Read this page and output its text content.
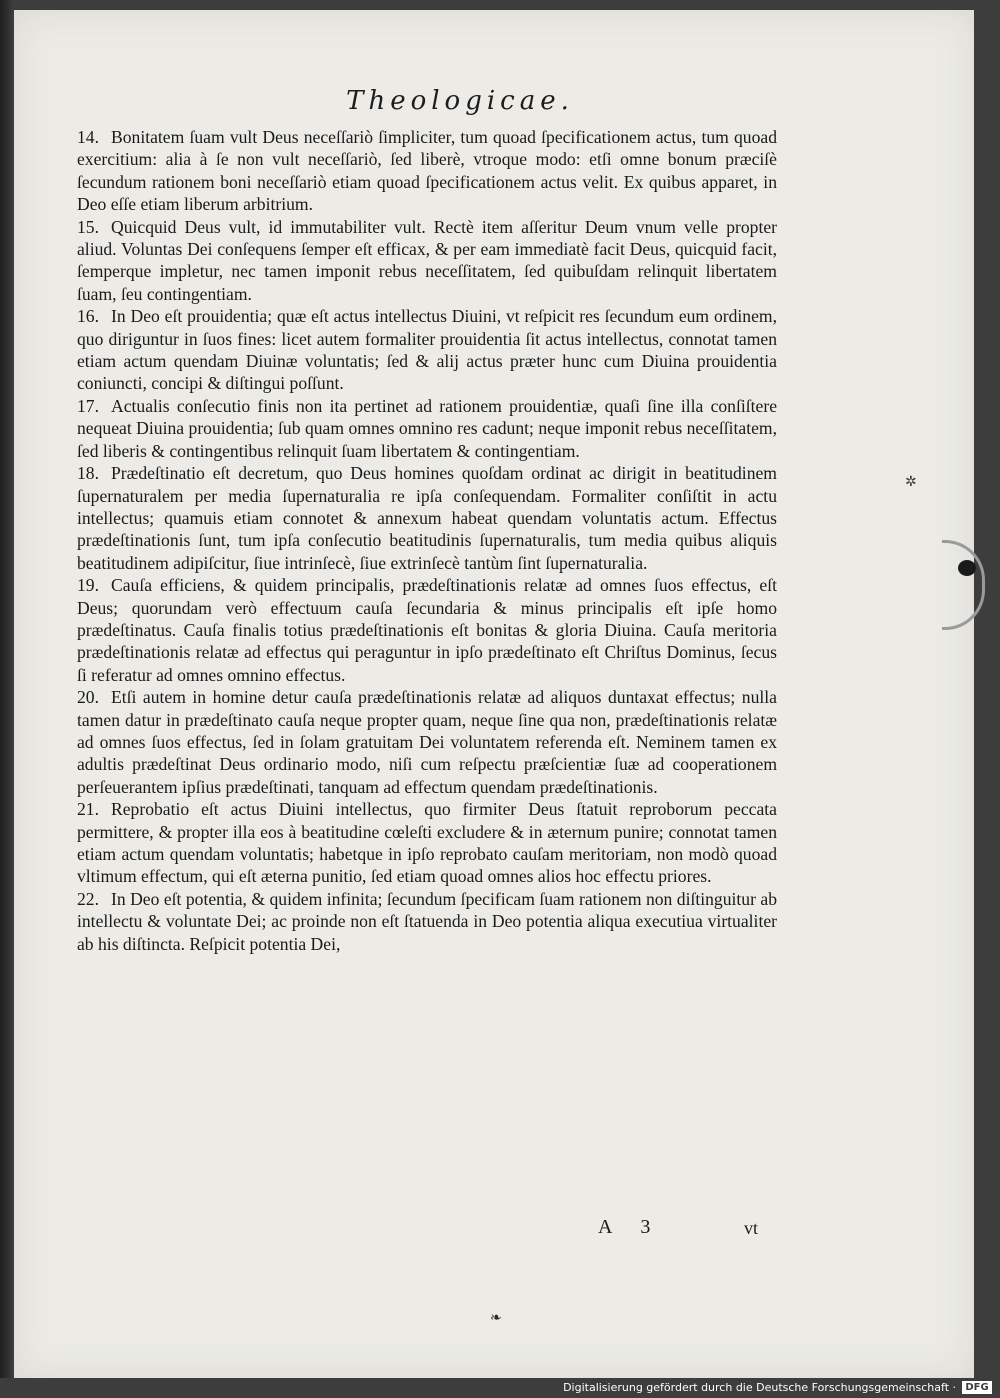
Theologicae.

14. Bonitatem ſuam vult Deus neceſſariò ſimpliciter, tum quoad ſpecificationem actus, tum quoad exercitium: alia à ſe non vult neceſſariò, ſed liberè, vtroque modo: etſi omne bonum præciſè ſecundum rationem boni neceſſariò etiam quoad ſpecificationem actus velit. Ex quibus apparet, in Deo eſſe etiam liberum arbitrium.

15. Quicquid Deus vult, id immutabiliter vult. Rectè item aſſeritur Deum vnum velle propter aliud. Voluntas Dei conſequens ſemper eſt efficax, & per eam immediatè facit Deus, quicquid facit, ſemperque impletur, nec tamen imponit rebus neceſſitatem, ſed quibuſdam relinquit libertatem ſuam, ſeu contingentiam.

16. In Deo eſt prouidentia; quæ eſt actus intellectus Diuini, vt reſpicit res ſecundum eum ordinem, quo diriguntur in ſuos fines: licet autem formaliter prouidentia ſit actus intellectus, connotat tamen etiam actum quendam Diuinæ voluntatis; ſed & alij actus præter hunc cum Diuina prouidentia coniuncti, concipi & diſtingui poſſunt.

17. Actualis conſecutio finis non ita pertinet ad rationem prouidentiæ, quaſi ſine illa conſiſtere nequeat Diuina prouidentia; ſub quam omnes omnino res cadunt; neque imponit rebus neceſſitatem, ſed liberis & contingentibus relinquit ſuam libertatem & contingentiam.

18. Prædeſtinatio eſt decretum, quo Deus homines quoſdam ordinat ac dirigit in beatitudinem ſupernaturalem per media ſupernaturalia re ipſa conſequendam. Formaliter conſiſtit in actu intellectus; quamuis etiam connotet & annexum habeat quendam voluntatis actum. Effectus prædeſtinationis ſunt, tum ipſa conſecutio beatitudinis ſupernaturalis, tum media quibus aliquis beatitudinem adipiſcitur, ſiue intrinſecè, ſiue extrinſecè tantùm ſint ſupernaturalia.

19. Cauſa efficiens, & quidem principalis, prædeſtinationis relatæ ad omnes ſuos effectus, eſt Deus; quorundam verò effectuum cauſa ſecundaria & minus principalis eſt ipſe homo prædeſtinatus. Cauſa finalis totius prædeſtinationis eſt bonitas & gloria Diuina. Cauſa meritoria prædeſtinationis relatæ ad effectus qui peraguntur in ipſo prædeſtinato eſt Chriſtus Dominus, ſecus ſi referatur ad omnes omnino effectus.

20. Etſi autem in homine detur cauſa prædeſtinationis relatæ ad aliquos duntaxat effectus; nulla tamen datur in prædeſtinato cauſa neque propter quam, neque ſine qua non, prædeſtinationis relatæ ad omnes ſuos effectus, ſed in ſolam gratuitam Dei voluntatem referenda eſt. Neminem tamen ex adultis prædeſtinat Deus ordinario modo, niſi cum reſpectu præſcientiæ ſuæ ad cooperationem perſeuerantem ipſius prædeſtinati, tanquam ad effectum quendam prædeſtinationis.

21. Reprobatio eſt actus Diuini intellectus, quo firmiter Deus ſtatuit reproborum peccata permittere, & propter illa eos à beatitudine cœleſti excludere & in æternum punire; connotat tamen etiam actum quendam voluntatis; habetque in ipſo reprobato cauſam meritoriam, non modò quoad vltimum effectum, qui eſt æterna punitio, ſed etiam quoad omnes alios hoc effectu priores.

22. In Deo eſt potentia, & quidem infinita; ſecundum ſpecificam ſuam rationem non diſtinguitur ab intellectu & voluntate Dei; ac proinde non eſt ſtatuenda in Deo potentia aliqua executiua virtualiter ab his diſtincta. Reſpicit potentia Dei,

A 3	vt
❧
✲
Digitalisierung gefördert durch die Deutsche Forschungsgemeinschaft · DFG
